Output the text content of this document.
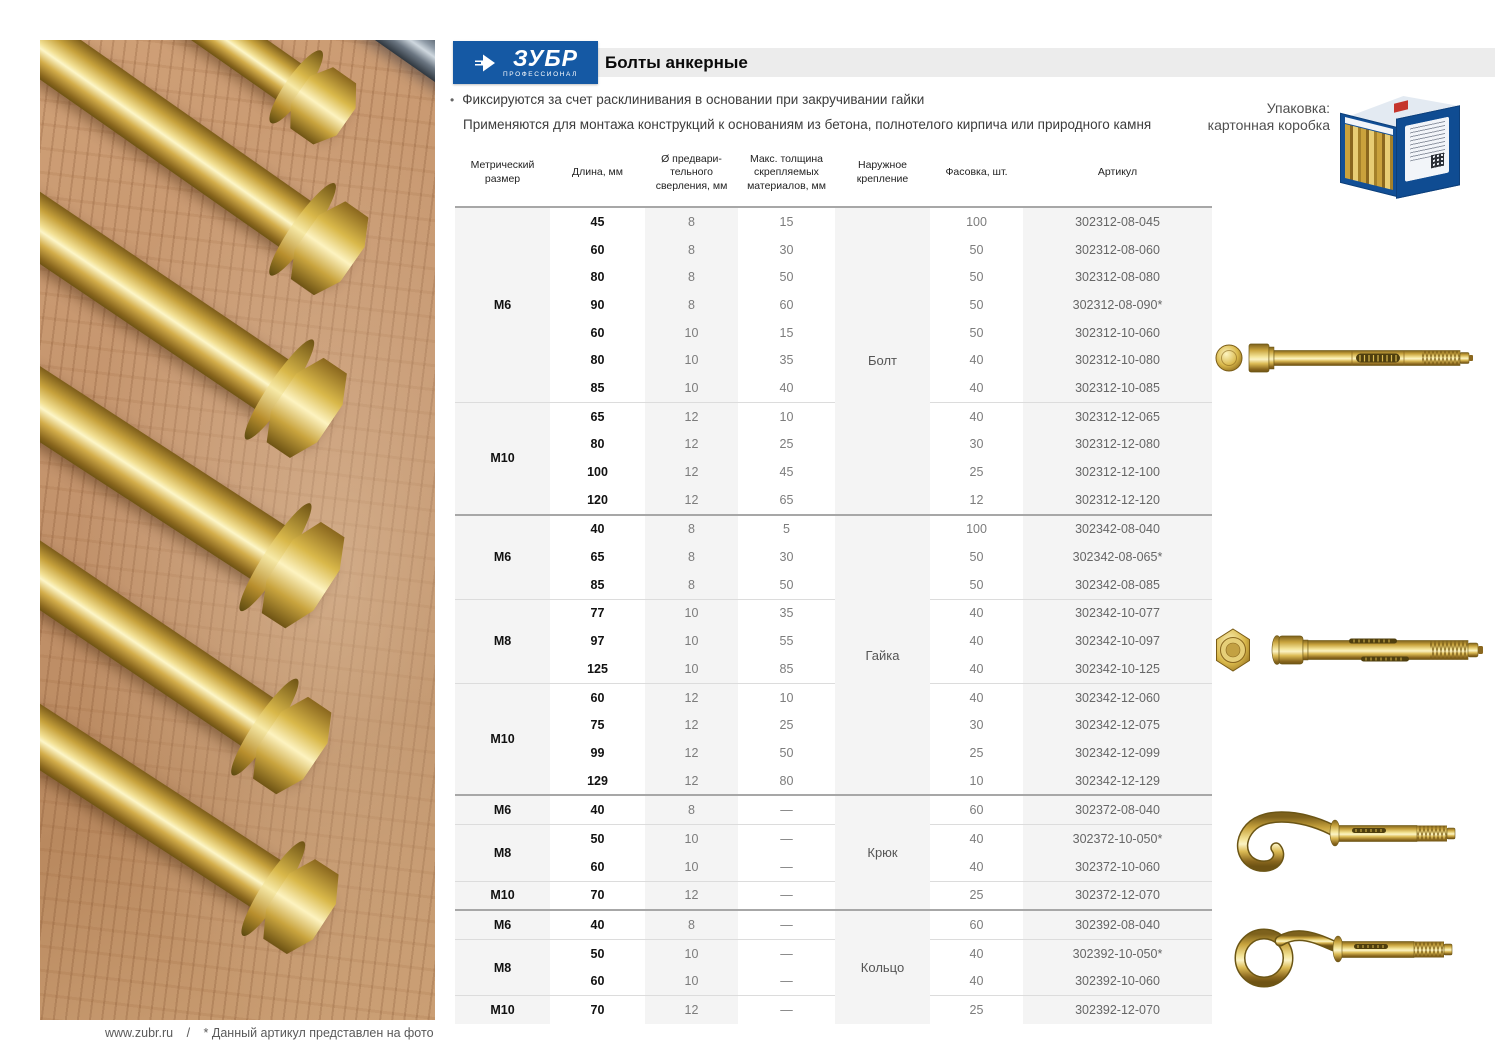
Болты анкерные
ЗУБР
ПРОФЕССИОНАЛ
• Фиксируются за счет расклинивания в основании при закручивании гайки
Применяются для монтажа конструкций к основаниям из бетона, полнотелого кирпича или природного камня
Упаковка:
картонная коробка
Метрический размер	Длина, мм	Ø предвари- тельного сверления, мм	Макс. толщина скрепляемых материалов, мм	Наружное крепление	Фасовка, шт.	Артикул
M6	45	8	15	Болт	100	302312-08-045
	60	8	30		50	302312-08-060
	80	8	50		50	302312-08-080
	90	8	60		50	302312-08-090*
	60	10	15		50	302312-10-060
	80	10	35		40	302312-10-080
	85	10	40		40	302312-10-085
M10	65	12	10		40	302312-12-065
	80	12	25		30	302312-12-080
	100	12	45		25	302312-12-100
	120	12	65		12	302312-12-120
M6	40	8	5	Гайка	100	302342-08-040
	65	8	30		50	302342-08-065*
	85	8	50		50	302342-08-085
M8	77	10	35		40	302342-10-077
	97	10	55		40	302342-10-097
	125	10	85		40	302342-10-125
M10	60	12	10		40	302342-12-060
	75	12	25		30	302342-12-075
	99	12	50		25	302342-12-099
	129	12	80		10	302342-12-129
M6	40	8	—	Крюк	60	302372-08-040
M8	50	10	—		40	302372-10-050*
	60	10	—		40	302372-10-060
M10	70	12	—		25	302372-12-070
M6	40	8	—	Кольцо	60	302392-08-040
M8	50	10	—		40	302392-10-050*
	60	10	—		40	302392-10-060
M10	70	12	—		25	302392-12-070
www.zubr.ru / * Данный артикул представлен на фото
